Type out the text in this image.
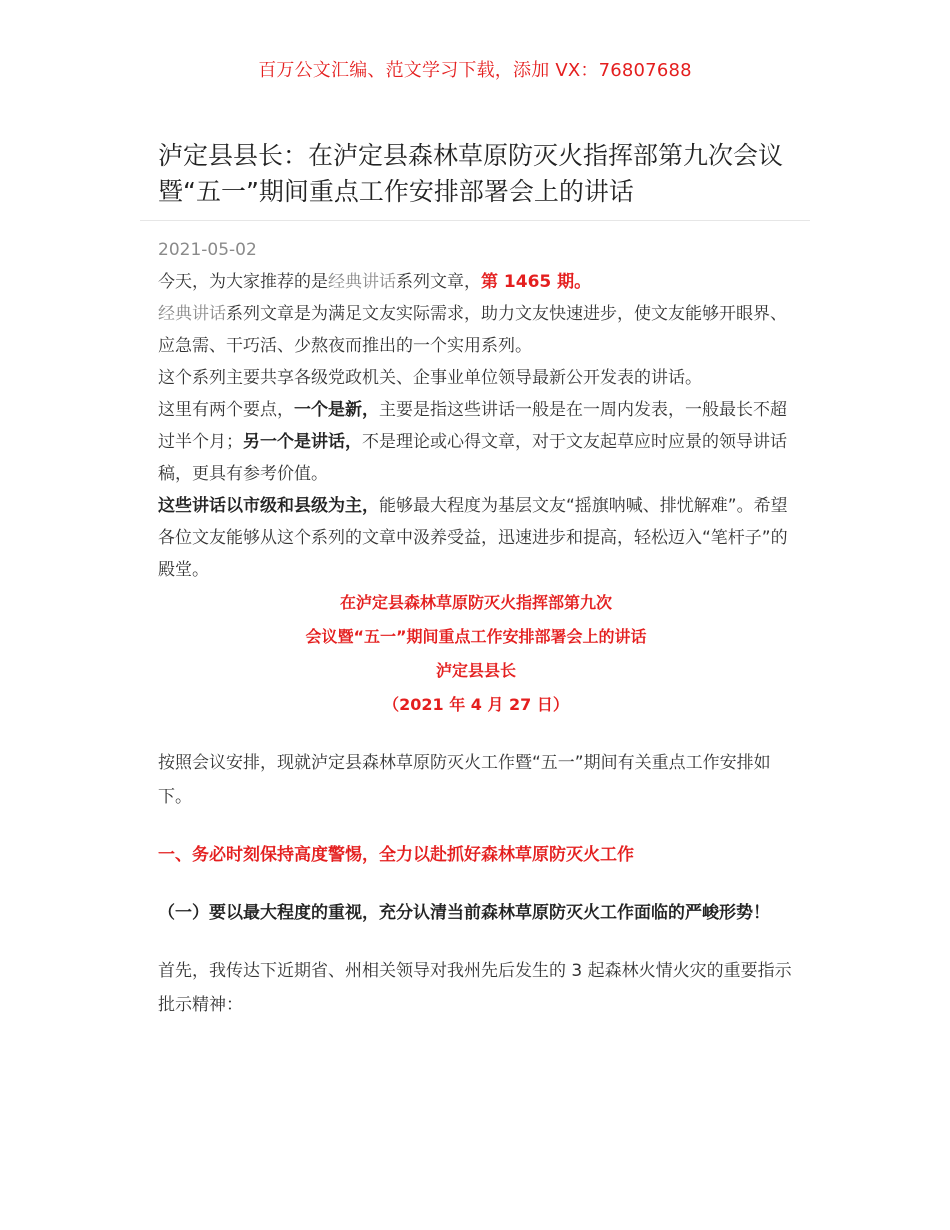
百万公文汇编、范文学习下载，添加 VX：76807688
泸定县县长：在泸定县森林草原防灭火指挥部第九次会议暨“五一”期间重点工作安排部署会上的讲话
2021-05-02

今天，为大家推荐的是经典讲话系列文章，第 1465 期。

经典讲话系列文章是为满足文友实际需求，助力文友快速进步，使文友能够开眼界、应急需、干巧活、少熬夜而推出的一个实用系列。

这个系列主要共享各级党政机关、企事业单位领导最新公开发表的讲话。

这里有两个要点，一个是新，主要是指这些讲话一般是在一周内发表，一般最长不超过半个月；另一个是讲话，不是理论或心得文章，对于文友起草应时应景的领导讲话稿，更具有参考价值。

这些讲话以市级和县级为主，能够最大程度为基层文友“摇旗呐喊、排忧解难”。希望各位文友能够从这个系列的文章中汲养受益，迅速进步和提高，轻松迈入“笔杆子”的殿堂。

在泸定县森林草原防灭火指挥部第九次
会议暨“五一”期间重点工作安排部署会上的讲话
泸定县县长
（2021 年 4 月 27 日）

按照会议安排，现就泸定县森林草原防灭火工作暨“五一”期间有关重点工作安排如下。

一、务必时刻保持高度警惕，全力以赴抓好森林草原防灭火工作
（一）要以最大程度的重视，充分认清当前森林草原防灭火工作面临的严峻形势！

首先，我传达下近期省、州相关领导对我州先后发生的 3 起森林火情火灾的重要指示批示精神：
